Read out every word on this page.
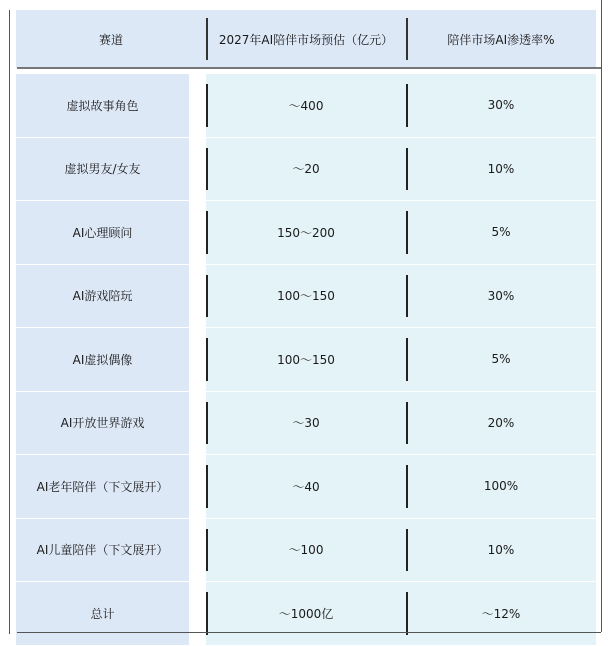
赛道	2027年AI陪伴市场预估（亿元）	陪伴市场AI渗透率%

虚拟故事角色	～400	30%
虚拟男友/女友	～20	10%
AI心理顾问	150～200	5%
AI游戏陪玩	100～150	30%
AI虚拟偶像	100～150	5%
AI开放世界游戏	～30	20%
AI老年陪伴（下文展开）	～40	100%
AI儿童陪伴（下文展开）	～100	10%
总计	～1000亿	～12%
